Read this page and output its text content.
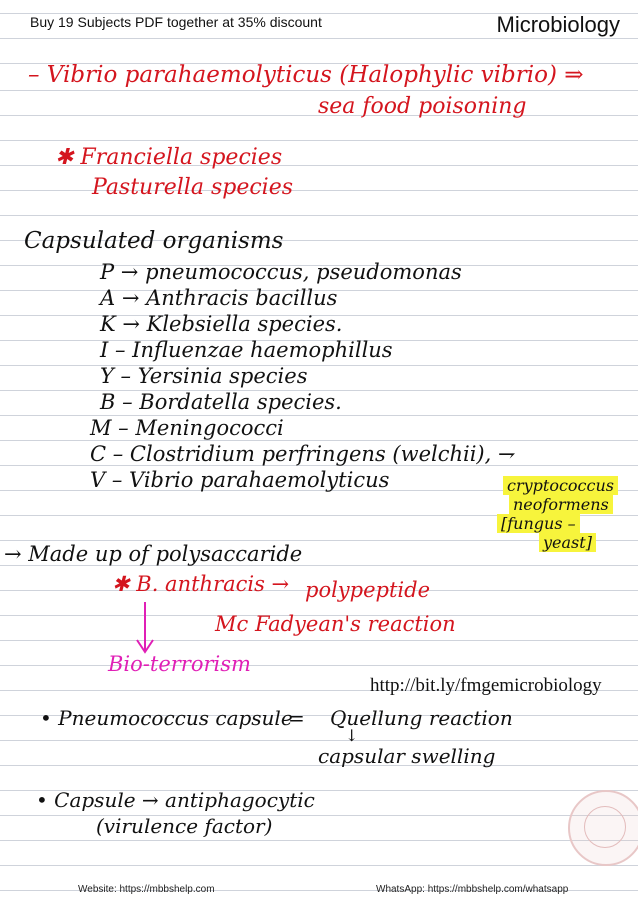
Buy 19 Subjects PDF together at 35% discount	Microbiology
– Vibrio parahaemolyticus (Halophylic vibrio) ⇒
sea food poisoning
✱ Franciella species
Pasturella species
Capsulated organisms
P → pneumococcus, pseudomonas
A → Anthracis bacillus
K → Klebsiella species.
I – Influenzae haemophillus
Y – Yersinia species
B – Bordatella species.
M – Meningococci
C – Clostridium perfringens (welchii), ⇁
V – Vibrio parahaemolyticus	cryptococcus
neoformens
[fungus –
yeast]
→ Made up of polysaccaride
✱ B. anthracis → polypeptide
Mc Fadyean's reaction
Bio-terrorism
http://bit.ly/fmgemicrobiology
• Pneumococcus capsule
= Quellung reaction
↓
capsular swelling
• Capsule → antiphagocytic
(virulence factor)
Website: https://mbbshelp.com	WhatsApp: https://mbbshelp.com/whatsapp
